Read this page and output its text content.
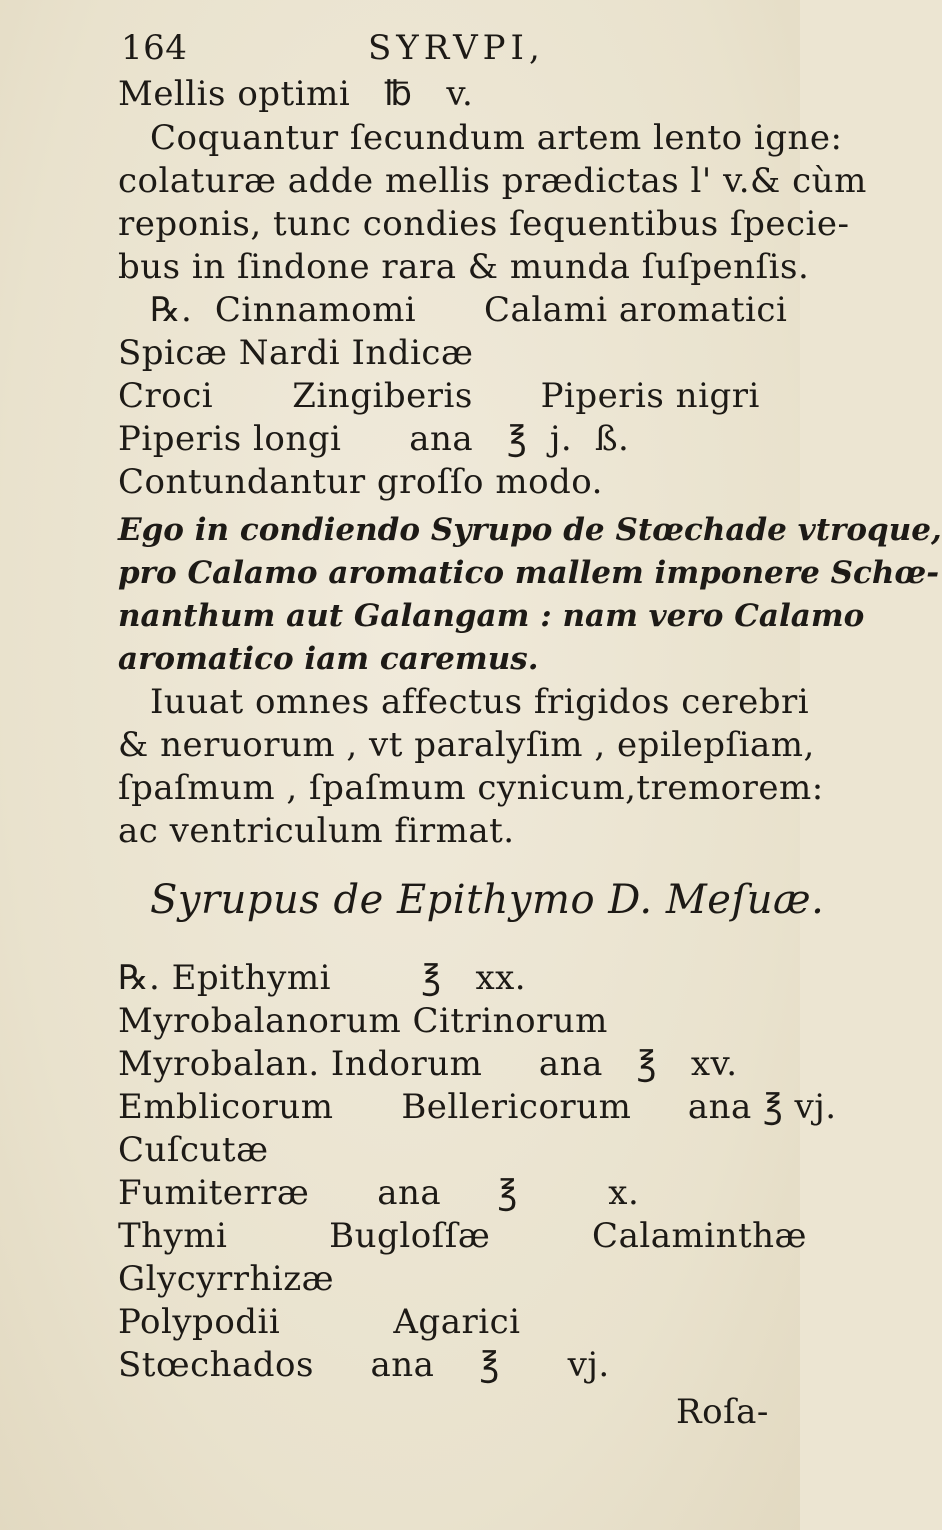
164	SYRVPI,
Mellis optimi   ℔   v.
Coquantur ſecundum artem lento igne:
colaturæ adde mellis prædictas l' v.& cùm
reponis, tunc condies ſequentibus ſpecie-
bus in ſindone rara & munda ſuſpenſis.
℞.  Cinnamomi      Calami aromatici
Spicæ Nardi Indicæ
Croci       Zingiberis      Piperis nigri
Piperis longi      ana   ℥  j.  ß.
Contundantur groſſo modo.
Ego in condiendo Syrupo de Stœchade vtroque,
pro Calamo aromatico mallem imponere Schœ-
nanthum aut Galangam : nam vero Calamo
aromatico iam caremus.
Iuuat omnes affectus frigidos cerebri
& neruorum , vt paralyſim , epilepſiam,
ſpaſmum , ſpaſmum cynicum,tremorem:
ac ventriculum firmat.
Syrupus de Epithymo D. Meſuæ.
℞. Epithymi        ℥   xx.
Myrobalanorum Citrinorum
Myrobalan. Indorum     ana   ℥   xv.
Emblicorum      Bellericorum     ana ℥ vj.
Cuſcutæ
Fumiterræ      ana     ℥        x.
Thymi         Bugloſſæ         Calaminthæ
Glycyrrhizæ
Polypodii          Agarici
Stœchados     ana    ℥      vj.
Roſa-
